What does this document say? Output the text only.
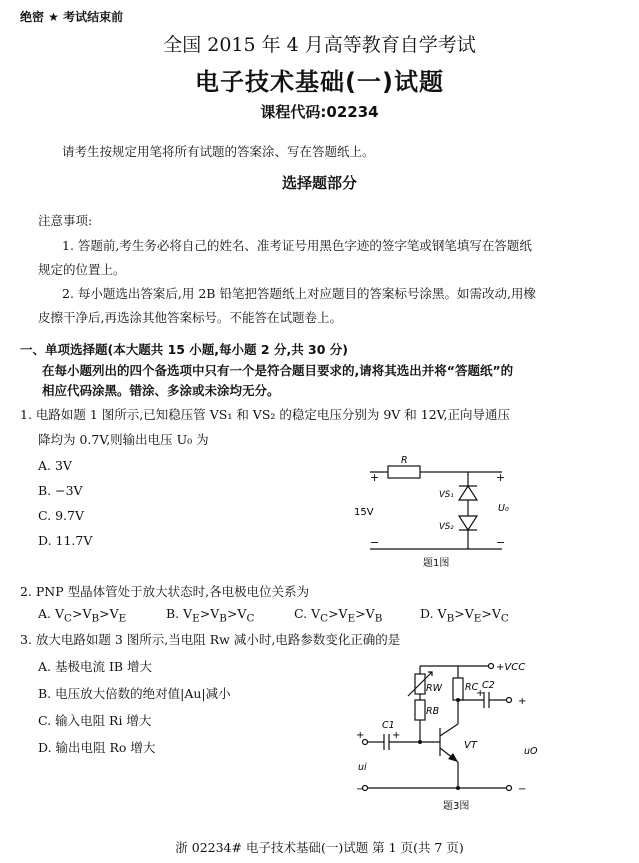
绝密 ★ 考试结束前
全国 2015 年 4 月高等教育自学考试
电子技术基础(一)试题
课程代码:02234
请考生按规定用笔将所有试题的答案涂、写在答题纸上。
选择题部分
注意事项:
1. 答题前,考生务必将自己的姓名、准考证号用黑色字迹的签字笔或钢笔填写在答题纸
规定的位置上。
2. 每小题选出答案后,用 2B 铅笔把答题纸上对应题目的答案标号涂黑。如需改动,用橡
皮擦干净后,再选涂其他答案标号。不能答在试题卷上。
一、单项选择题(本大题共 15 小题,每小题 2 分,共 30 分)
在每小题列出的四个备选项中只有一个是符合题目要求的,请将其选出并将“答题纸”的
相应代码涂黑。错涂、多涂或未涂均无分。
1. 电路如题 1 图所示,已知稳压管 VS₁ 和 VS₂ 的稳定电压分别为 9V 和 12V,正向导通压
降均为 0.7V,则输出电压 U₀ 为
A. 3V
B. −3V
C. 9.7V
D. 11.7V
+	+
−	−
R
VS₁
VS₂
15V	U₀
题1图
2. PNP 型晶体管处于放大状态时,各电极电位关系为
A. $V_C>V_B>V_E$	B. $V_E>V_B>V_C$	C. $V_C>V_E>V_B$	D. $V_B>V_E>V_C$
3. 放大电路如题 3 图所示,当电阻 Rw 减小时,电路参数变化正确的是
A. 基极电流 IB 增大
B. 电压放大倍数的绝对值|Au|减小
C. 输入电阻 Ri 增大
D. 输出电阻 Ro 增大
+VCC
RW
RB
RC
C1
C2
VT
ui
uO
+	+
+
+
−	−
题3图
浙 02234# 电子技术基础(一)试题 第 1 页(共 7 页)
